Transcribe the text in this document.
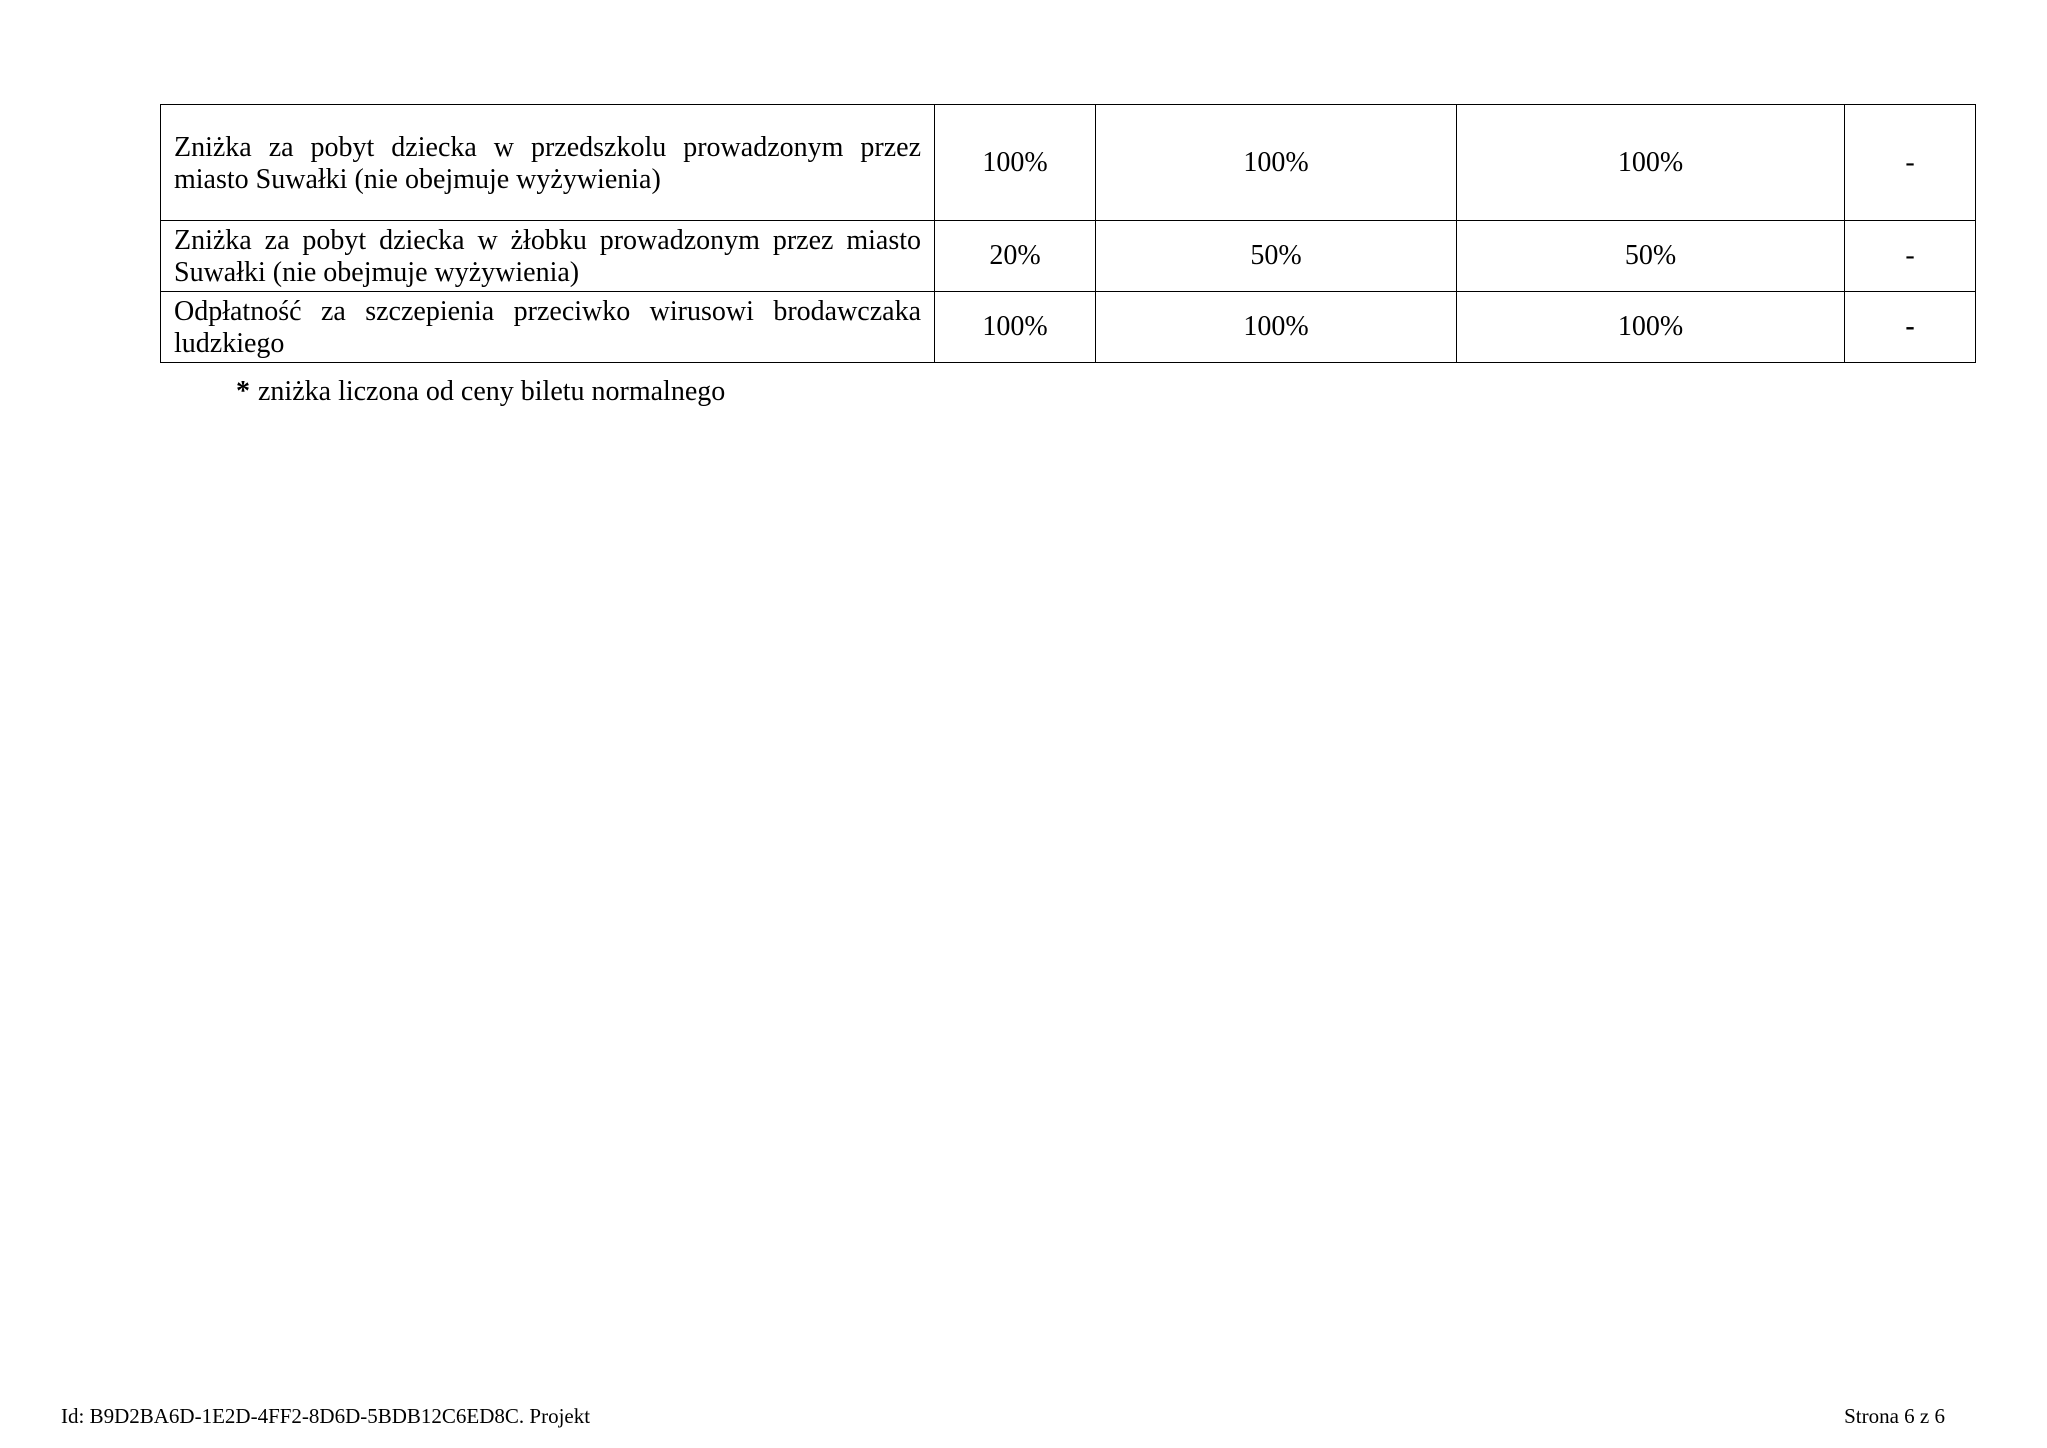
Zniżka za pobyt dziecka w przedszkolu prowadzonym przez miasto Suwałki (nie obejmuje wyżywienia)	100%	100%	100%	-
Zniżka za pobyt dziecka w żłobku prowadzonym przez miasto Suwałki (nie obejmuje wyżywienia)	20%	50%	50%	-
Odpłatność za szczepienia przeciwko wirusowi brodawczaka ludzkiego	100%	100%	100%	-

* zniżka liczona od ceny biletu normalnego

Id: B9D2BA6D-1E2D-4FF2-8D6D-5BDB12C6ED8C. Projekt	Strona 6 z 6
